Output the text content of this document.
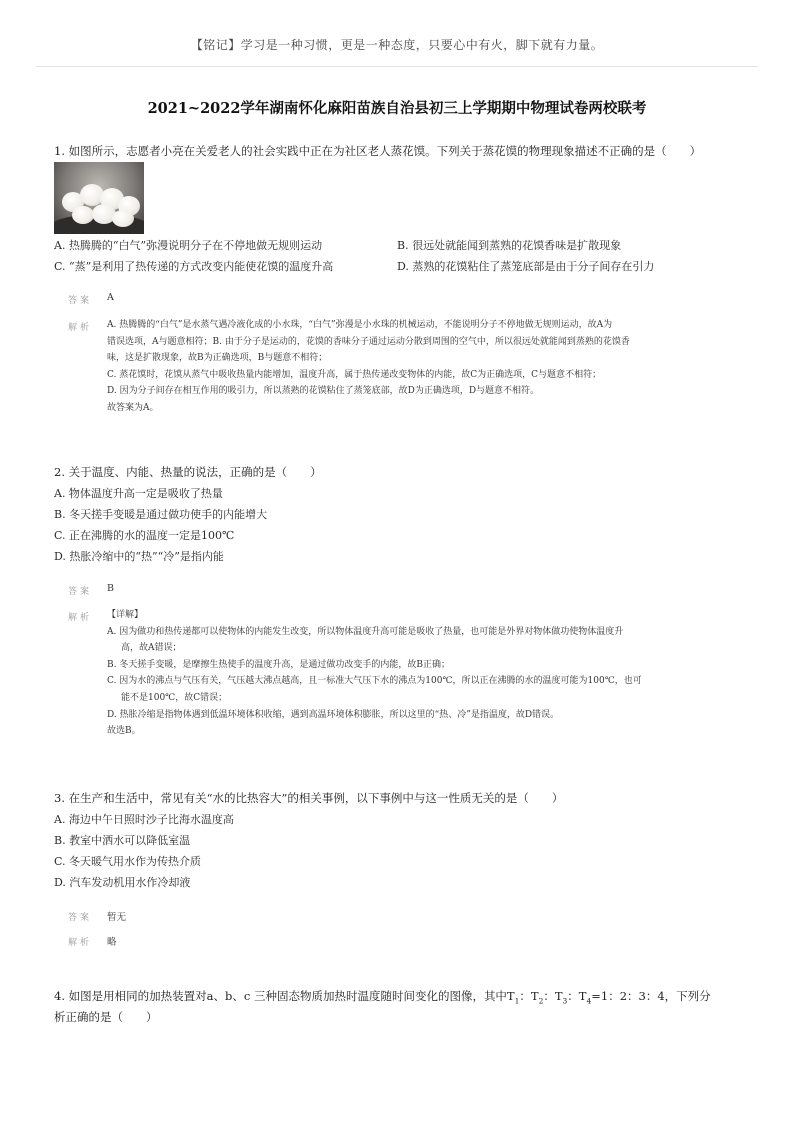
【铭记】学习是一种习惯，更是一种态度，只要心中有火，脚下就有力量。
2021~2022学年湖南怀化麻阳苗族自治县初三上学期期中物理试卷两校联考
1. 如图所示，志愿者小亮在关爱老人的社会实践中正在为社区老人蒸花馍。下列关于蒸花馍的物理现象描述不正确的是（　　）
A. 热腾腾的“白气”弥漫说明分子在不停地做无规则运动	B. 很远处就能闻到蒸熟的花馍香味是扩散现象
C. “蒸”是利用了热传递的方式改变内能使花馍的温度升高	D. 蒸熟的花馍粘住了蒸笼底部是由于分子间存在引力
答案 A
解析 A. 热腾腾的“白气”是水蒸气遇冷液化成的小水珠，“白气”弥漫是小水珠的机械运动，不能说明分子不停地做无规则运动，故A为
错误选项，A与题意相符；B. 由于分子是运动的，花馍的香味分子通过运动分散到周围的空气中，所以很远处就能闻到蒸熟的花馍香
味，这是扩散现象，故B为正确选项，B与题意不相符；
C. 蒸花馍时，花馍从蒸气中吸收热量内能增加，温度升高，属于热传递改变物体的内能，故C为正确选项，C与题意不相符；
D. 因为分子间存在相互作用的吸引力，所以蒸熟的花馍粘住了蒸笼底部，故D为正确选项，D与题意不相符。
故答案为A。
2. 关于温度、内能、热量的说法，正确的是（　　）
A. 物体温度升高一定是吸收了热量
B. 冬天搓手变暖是通过做功使手的内能增大
C. 正在沸腾的水的温度一定是100℃
D. 热胀冷缩中的“热”“冷”是指内能
答案 B
解析 【详解】
A. 因为做功和热传递都可以使物体的内能发生改变，所以物体温度升高可能是吸收了热量，也可能是外界对物体做功使物体温度升
高，故A错误；
B. 冬天搓手变暖，是摩擦生热使手的温度升高，是通过做功改变手的内能，故B正确；
C. 因为水的沸点与气压有关，气压越大沸点越高，且一标准大气压下水的沸点为100℃，所以正在沸腾的水的温度可能为100℃，也可
能不是100℃，故C错误；
D. 热胀冷缩是指物体遇到低温环境体积收缩，遇到高温环境体积膨胀，所以这里的“热、冷”是指温度，故D错误。
故选B。
3. 在生产和生活中，常见有关“水的比热容大”的相关事例，以下事例中与这一性质无关的是（　　）
A. 海边中午日照时沙子比海水温度高
B. 教室中洒水可以降低室温
C. 冬天暖气用水作为传热介质
D. 汽车发动机用水作冷却液
答案 暂无
解析 略
4. 如图是用相同的加热装置对a、b、c 三种固态物质加热时温度随时间变化的图像，其中$T_1$：$T_2$：$T_3$：$T_4=1$：2：3：4，下列分
析正确的是（　　）
